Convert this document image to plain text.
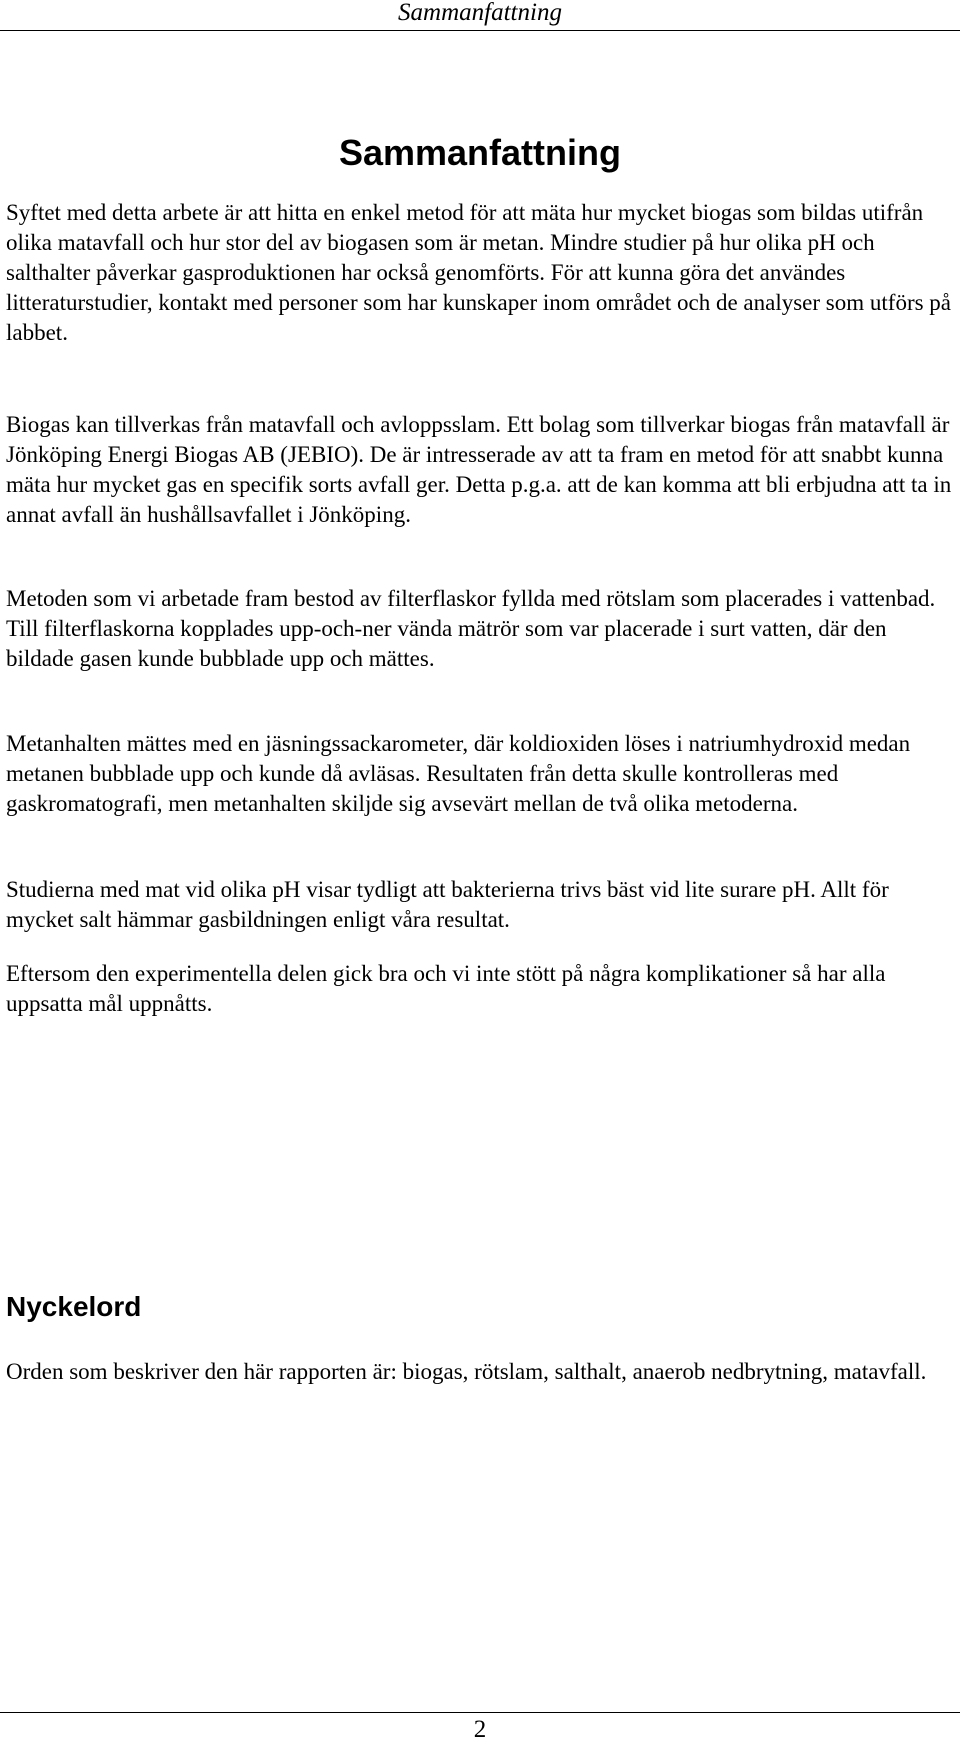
Sammanfattning
Sammanfattning

Syftet med detta arbete är att hitta en enkel metod för att mäta hur mycket biogas som bildas utifrån olika matavfall och hur stor del av biogasen som är metan. Mindre studier på hur olika pH och salthalter påverkar gasproduktionen har också genomförts. För att kunna göra det användes litteraturstudier, kontakt med personer som har kunskaper inom området och de analyser som utförs på labbet.

Biogas kan tillverkas från matavfall och avloppsslam. Ett bolag som tillverkar biogas från matavfall är Jönköping Energi Biogas AB (JEBIO). De är intresserade av att ta fram en metod för att snabbt kunna mäta hur mycket gas en specifik sorts avfall ger. Detta p.g.a. att de kan komma att bli erbjudna att ta in annat avfall än hushållsavfallet i Jönköping.

Metoden som vi arbetade fram bestod av filterflaskor fyllda med rötslam som placerades i vattenbad. Till filterflaskorna kopplades upp-och-ner vända mätrör som var placerade i surt vatten, där den bildade gasen kunde bubblade upp och mättes.

Metanhalten mättes med en jäsningssackarometer, där koldioxiden löses i natriumhydroxid medan metanen bubblade upp och kunde då avläsas. Resultaten från detta skulle kontrolleras med gaskromatografi, men metanhalten skiljde sig avsevärt mellan de två olika metoderna.

Studierna med mat vid olika pH visar tydligt att bakterierna trivs bäst vid lite surare pH. Allt för mycket salt hämmar gasbildningen enligt våra resultat.

Eftersom den experimentella delen gick bra och vi inte stött på några komplikationer så har alla uppsatta mål uppnåtts.

Nyckelord

Orden som beskriver den här rapporten är: biogas, rötslam, salthalt, anaerob nedbrytning, matavfall.

2
